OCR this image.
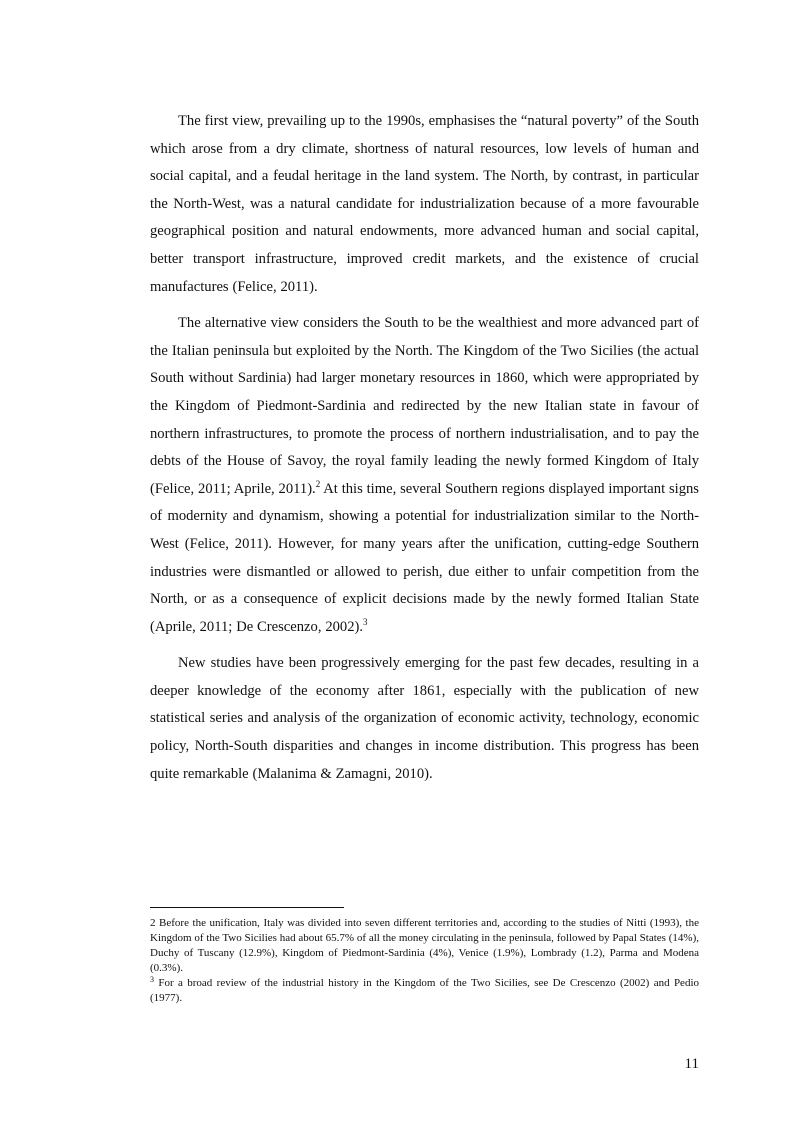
The first view, prevailing up to the 1990s, emphasises the “natural poverty” of the South which arose from a dry climate, shortness of natural resources, low levels of human and social capital, and a feudal heritage in the land system. The North, by contrast, in particular the North-West, was a natural candidate for industrialization because of a more favourable geographical position and natural endowments, more advanced human and social capital, better transport infrastructure, improved credit markets, and the existence of crucial manufactures (Felice, 2011).

The alternative view considers the South to be the wealthiest and more advanced part of the Italian peninsula but exploited by the North. The Kingdom of the Two Sicilies (the actual South without Sardinia) had larger monetary resources in 1860, which were appropriated by the Kingdom of Piedmont-Sardinia and redirected by the new Italian state in favour of northern infrastructures, to promote the process of northern industrialisation, and to pay the debts of the House of Savoy, the royal family leading the newly formed Kingdom of Italy (Felice, 2011; Aprile, 2011).$^2$ At this time, several Southern regions displayed important signs of modernity and dynamism, showing a potential for industrialization similar to the North-West (Felice, 2011). However, for many years after the unification, cutting-edge Southern industries were dismantled or allowed to perish, due either to unfair competition from the North, or as a consequence of explicit decisions made by the newly formed Italian State (Aprile, 2011; De Crescenzo, 2002).$^3$

New studies have been progressively emerging for the past few decades, resulting in a deeper knowledge of the economy after 1861, especially with the publication of new statistical series and analysis of the organization of economic activity, technology, economic policy, North-South disparities and changes in income distribution. This progress has been quite remarkable (Malanima & Zamagni, 2010).

2 Before the unification, Italy was divided into seven different territories and, according to the studies of Nitti (1993), the Kingdom of the Two Sicilies had about 65.7% of all the money circulating in the peninsula, followed by Papal States (14%), Duchy of Tuscany (12.9%), Kingdom of Piedmont-Sardinia (4%), Venice (1.9%), Lombrady (1.2), Parma and Modena (0.3%).

$^3$ For a broad review of the industrial history in the Kingdom of the Two Sicilies, see De Crescenzo (2002) and Pedio (1977).

11
